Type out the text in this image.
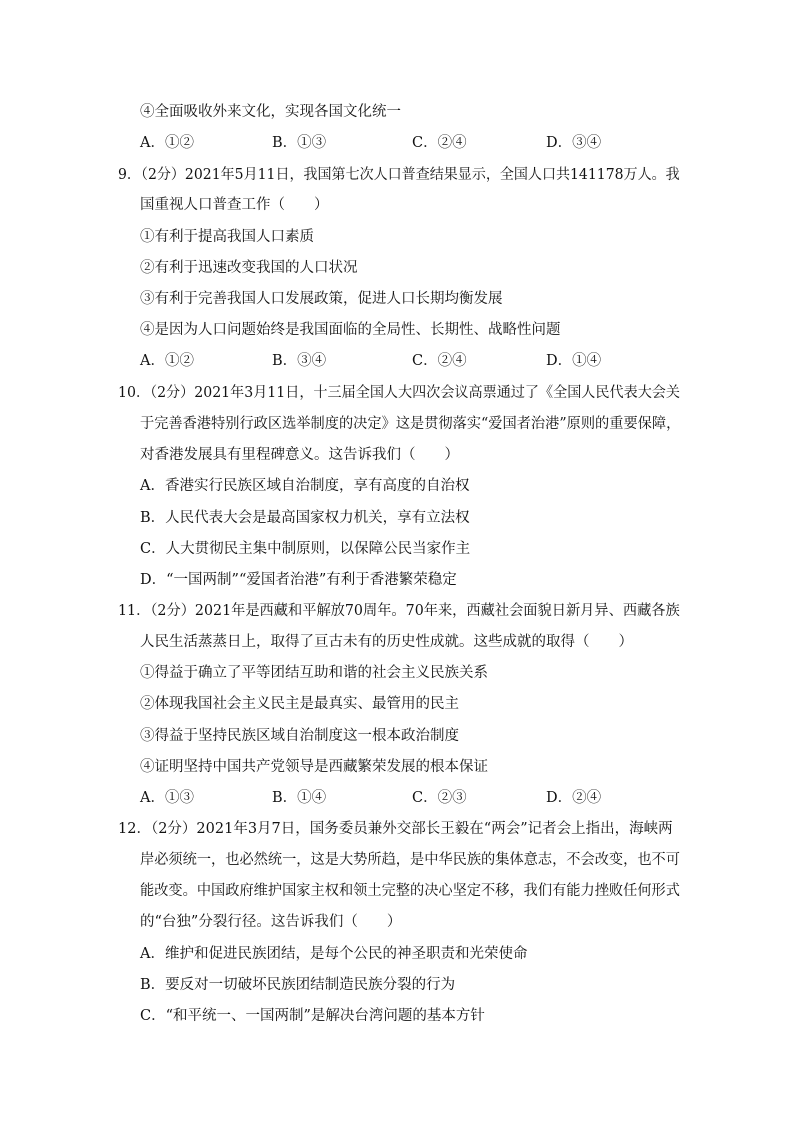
④全面吸收外来文化，实现各国文化统一
A．①②	B．①③	C．②④	D．③④
9．（2分）2021年5月11日，我国第七次人口普查结果显示，全国人口共141178万人。我
国重视人口普查工作（　　）
①有利于提高我国人口素质
②有利于迅速改变我国的人口状况
③有利于完善我国人口发展政策，促进人口长期均衡发展
④是因为人口问题始终是我国面临的全局性、长期性、战略性问题
A．①②	B．③④	C．②④	D．①④
10．（2分）2021年3月11日，十三届全国人大四次会议高票通过了《全国人民代表大会关
于完善香港特别行政区选举制度的决定》这是贯彻落实“爱国者治港”原则的重要保障，
对香港发展具有里程碑意义。这告诉我们（　　）
A．香港实行民族区域自治制度，享有高度的自治权
B．人民代表大会是最高国家权力机关，享有立法权
C．人大贯彻民主集中制原则，以保障公民当家作主
D．“一国两制”“爱国者治港”有利于香港繁荣稳定
11．（2分）2021年是西藏和平解放70周年。70年来，西藏社会面貌日新月异、西藏各族
人民生活蒸蒸日上，取得了亘古未有的历史性成就。这些成就的取得（　　）
①得益于确立了平等团结互助和谐的社会主义民族关系
②体现我国社会主义民主是最真实、最管用的民主
③得益于坚持民族区域自治制度这一根本政治制度
④证明坚持中国共产党领导是西藏繁荣发展的根本保证
A．①③	B．①④	C．②③	D．②④
12．（2分）2021年3月7日，国务委员兼外交部长王毅在“两会”记者会上指出，海峡两
岸必须统一，也必然统一，这是大势所趋，是中华民族的集体意志，不会改变，也不可
能改变。中国政府维护国家主权和领土完整的决心坚定不移，我们有能力挫败任何形式
的“台独”分裂行径。这告诉我们（　　）
A．维护和促进民族团结，是每个公民的神圣职责和光荣使命
B．要反对一切破坏民族团结制造民族分裂的行为
C．“和平统一、一国两制”是解决台湾问题的基本方针
